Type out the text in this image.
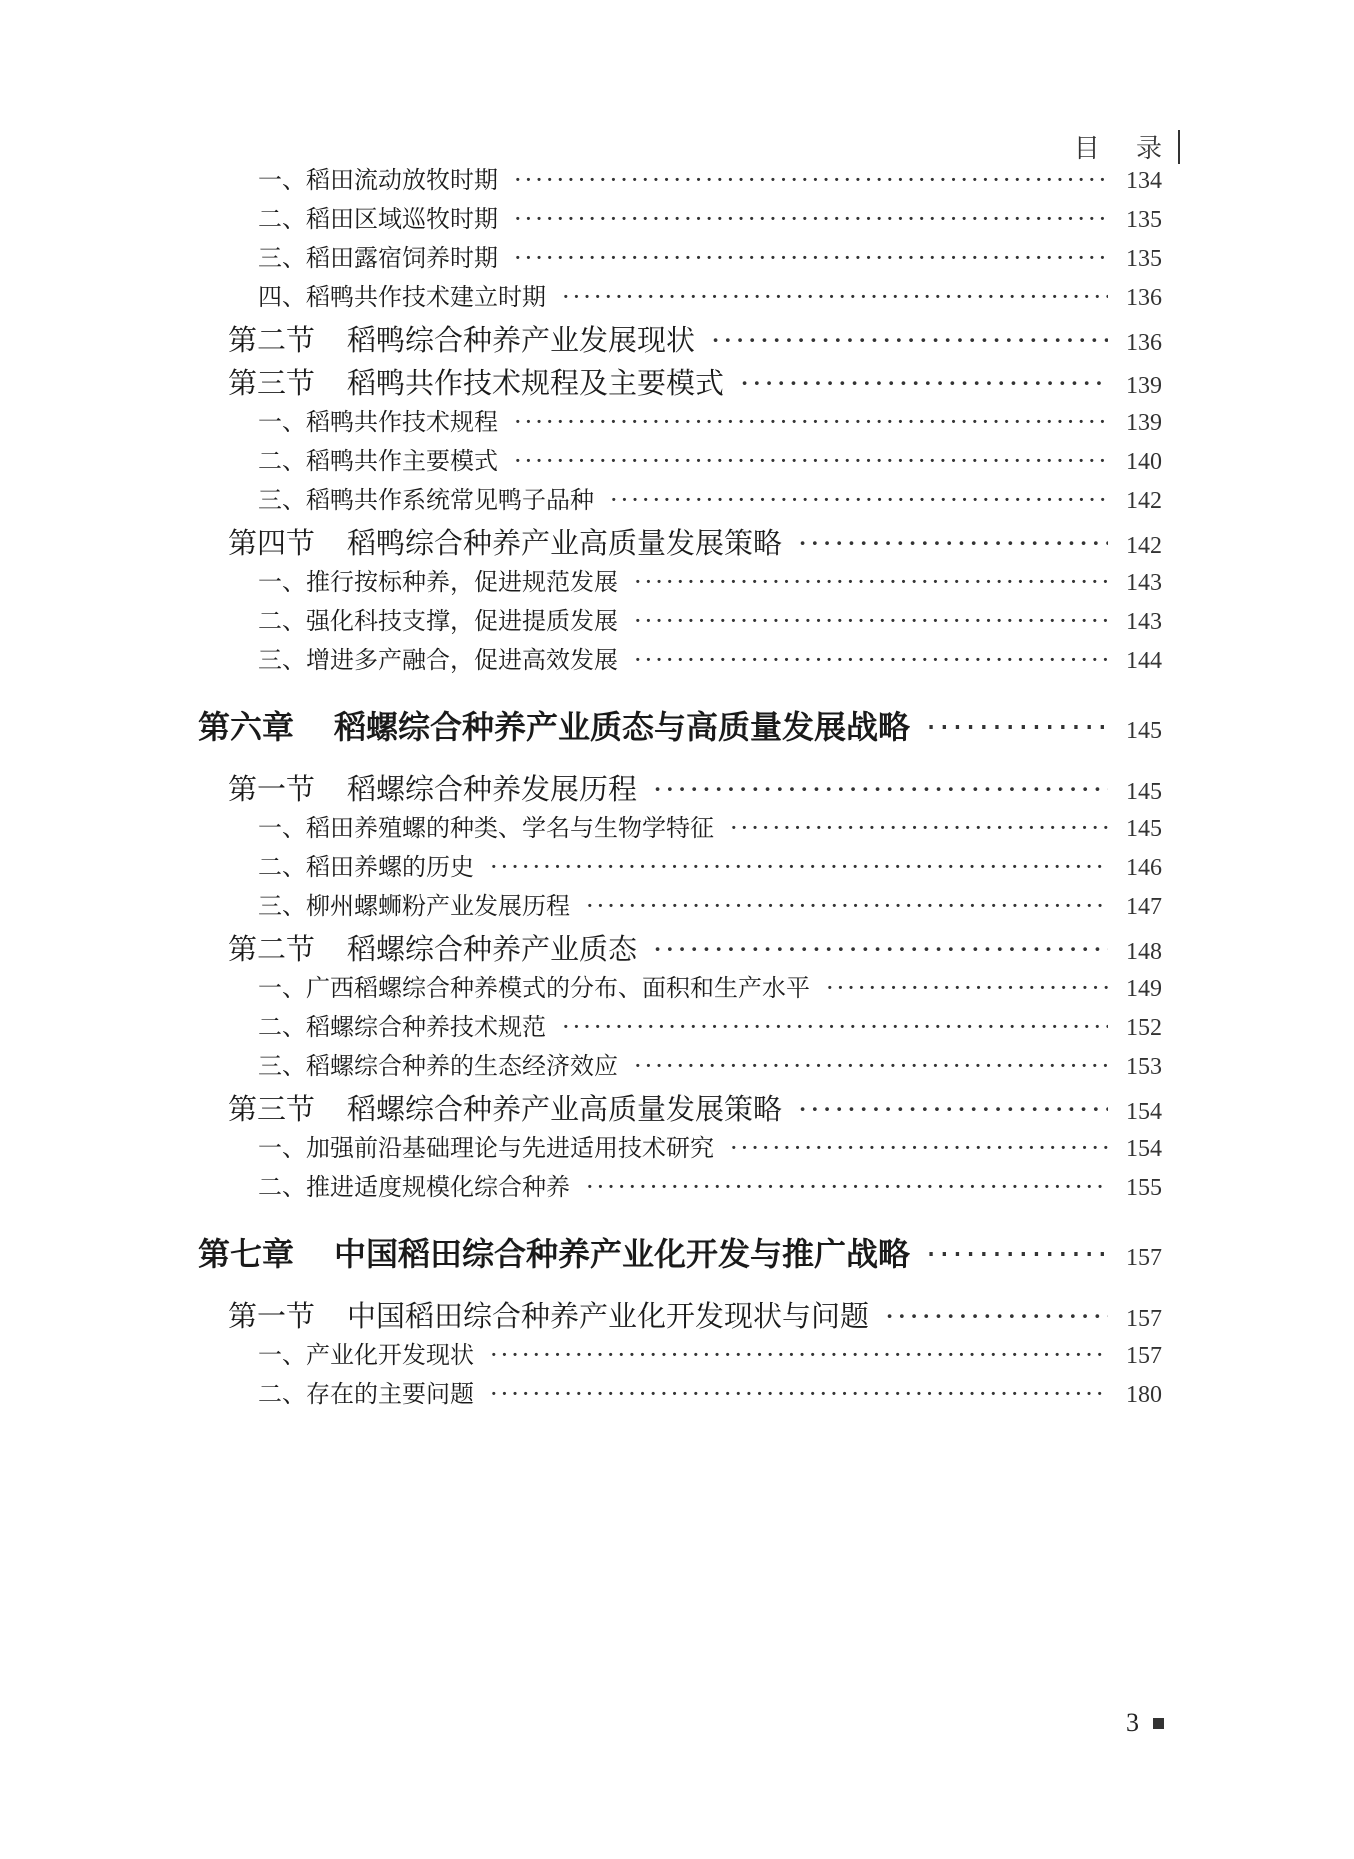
目 录
一、稻田流动放牧时期 ·····	134
二、稻田区域巡牧时期 ·····	135
三、稻田露宿饲养时期 ·····	135
四、稻鸭共作技术建立时期 ·····	136
第二节 稻鸭综合种养产业发展现状 ·····	136
第三节 稻鸭共作技术规程及主要模式 ·····	139
一、稻鸭共作技术规程 ·····	139
二、稻鸭共作主要模式 ·····	140
三、稻鸭共作系统常见鸭子品种 ·····	142
第四节 稻鸭综合种养产业高质量发展策略 ·····	142
一、推行按标种养，促进规范发展 ·····	143
二、强化科技支撑，促进提质发展 ·····	143
三、增进多产融合，促进高效发展 ·····	144
第六章 稻螺综合种养产业质态与高质量发展战略 ·····	145
第一节 稻螺综合种养发展历程 ·····	145
一、稻田养殖螺的种类、学名与生物学特征 ·····	145
二、稻田养螺的历史 ·····	146
三、柳州螺蛳粉产业发展历程 ·····	147
第二节 稻螺综合种养产业质态 ·····	148
一、广西稻螺综合种养模式的分布、面积和生产水平 ·····	149
二、稻螺综合种养技术规范 ·····	152
三、稻螺综合种养的生态经济效应 ·····	153
第三节 稻螺综合种养产业高质量发展策略 ·····	154
一、加强前沿基础理论与先进适用技术研究 ·····	154
二、推进适度规模化综合种养 ·····	155
第七章 中国稻田综合种养产业化开发与推广战略 ·····	157
第一节 中国稻田综合种养产业化开发现状与问题 ·····	157
一、产业化开发现状 ·····	157
二、存在的主要问题 ·····	180
3
